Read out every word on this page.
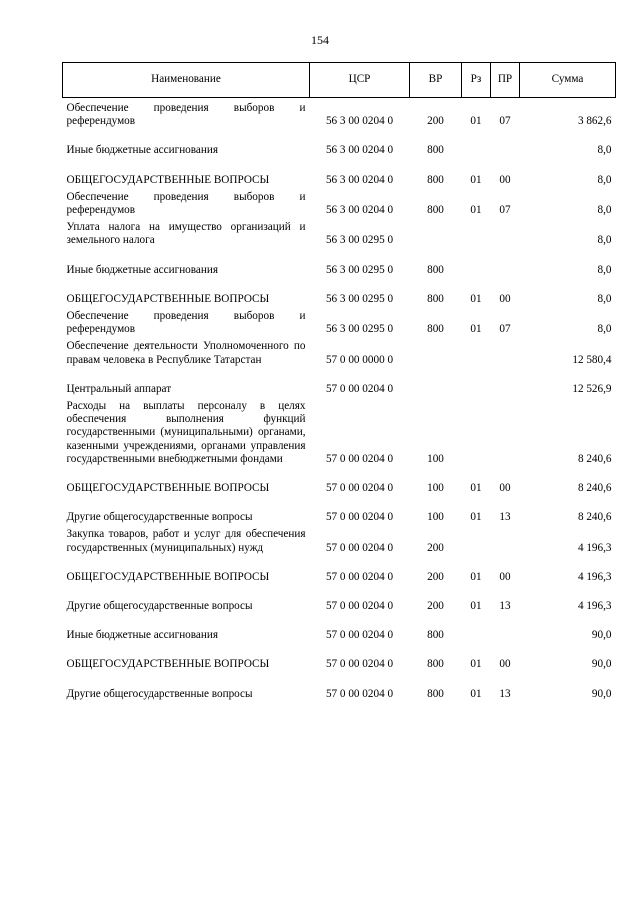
154
Наименование	ЦСР	ВР	Рз	ПР	Сумма

Обеспечение проведения выборов и референдумов	56 3 00 0204 0	200	01	07	3 862,6

Иные бюджетные ассигнования	56 3 00 0204 0	800			8,0

ОБЩЕГОСУДАРСТВЕННЫЕ ВОПРОСЫ	56 3 00 0204 0	800	01	00	8,0

Обеспечение проведения выборов и референдумов	56 3 00 0204 0	800	01	07	8,0

Уплата налога на имущество организаций и земельного налога	56 3 00 0295 0				8,0

Иные бюджетные ассигнования	56 3 00 0295 0	800			8,0

ОБЩЕГОСУДАРСТВЕННЫЕ ВОПРОСЫ	56 3 00 0295 0	800	01	00	8,0

Обеспечение проведения выборов и референдумов	56 3 00 0295 0	800	01	07	8,0

Обеспечение деятельности Уполномоченного по правам человека в Республике Татарстан	57 0 00 0000 0				12 580,4

Центральный аппарат	57 0 00 0204 0				12 526,9

Расходы на выплаты персоналу в целях обеспечения выполнения функций государственными (муниципальными) органами, казенными учреждениями, органами управления государственными внебюджетными фондами	57 0 00 0204 0	100			8 240,6

ОБЩЕГОСУДАРСТВЕННЫЕ ВОПРОСЫ	57 0 00 0204 0	100	01	00	8 240,6

Другие общегосударственные вопросы	57 0 00 0204 0	100	01	13	8 240,6

Закупка товаров, работ и услуг для обеспечения государственных (муниципальных) нужд	57 0 00 0204 0	200			4 196,3

ОБЩЕГОСУДАРСТВЕННЫЕ ВОПРОСЫ	57 0 00 0204 0	200	01	00	4 196,3

Другие общегосударственные вопросы	57 0 00 0204 0	200	01	13	4 196,3

Иные бюджетные ассигнования	57 0 00 0204 0	800			90,0

ОБЩЕГОСУДАРСТВЕННЫЕ ВОПРОСЫ	57 0 00 0204 0	800	01	00	90,0

Другие общегосударственные вопросы	57 0 00 0204 0	800	01	13	90,0
